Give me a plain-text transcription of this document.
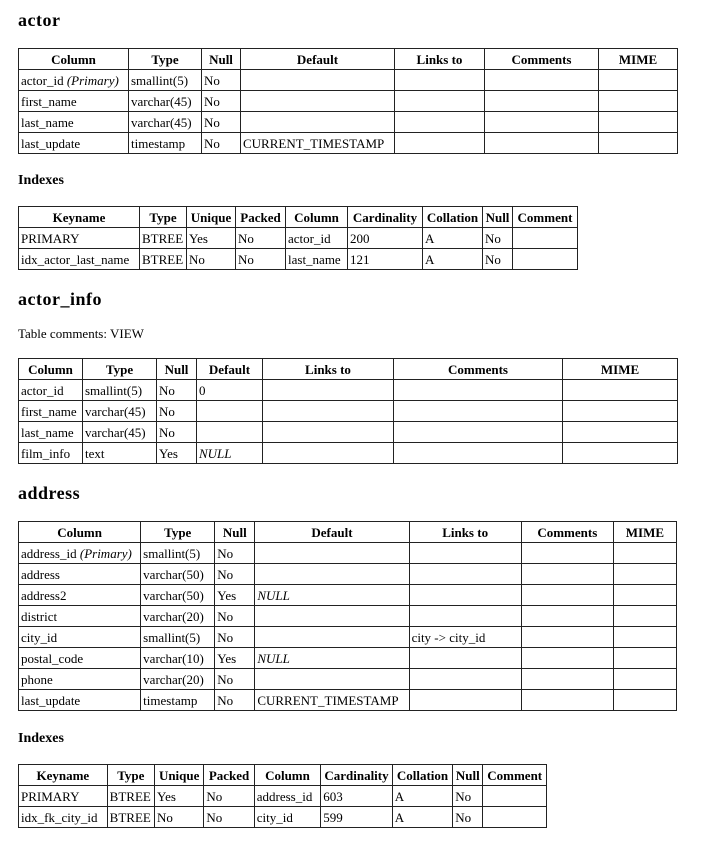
actor
Column	Type	Null	Default	Links to	Comments	MIME
actor_id (Primary)	smallint(5)	No				
first_name	varchar(45)	No				
last_name	varchar(45)	No				
last_update	timestamp	No	CURRENT_TIMESTAMP			
Indexes
Keyname	Type	Unique	Packed	Column	Cardinality	Collation	Null	Comment
PRIMARY	BTREE	Yes	No	actor_id	200	A	No	
idx_actor_last_name	BTREE	No	No	last_name	121	A	No	
actor_info

Table comments: VIEW

Column	Type	Null	Default	Links to	Comments	MIME
actor_id	smallint(5)	No	0			
first_name	varchar(45)	No				
last_name	varchar(45)	No				
film_info	text	Yes	NULL			
address
Column	Type	Null	Default	Links to	Comments	MIME
address_id (Primary)	smallint(5)	No				
address	varchar(50)	No				
address2	varchar(50)	Yes	NULL			
district	varchar(20)	No				
city_id	smallint(5)	No		city -> city_id		
postal_code	varchar(10)	Yes	NULL			
phone	varchar(20)	No				
last_update	timestamp	No	CURRENT_TIMESTAMP			
Indexes
Keyname	Type	Unique	Packed	Column	Cardinality	Collation	Null	Comment
PRIMARY	BTREE	Yes	No	address_id	603	A	No	
idx_fk_city_id	BTREE	No	No	city_id	599	A	No	
